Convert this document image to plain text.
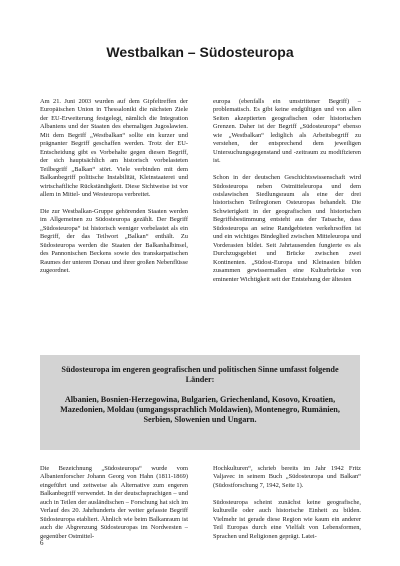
Westbalkan – Südosteuropa

Am 21. Juni 2003 wurden auf dem Gipfeltreffen der Europäischen Union in Thessaloniki die nächsten Ziele der EU-Erweiterung festgelegt, nämlich die Integration Albaniens und der Staaten des ehemaligen Jugoslawien. Mit dem Begriff „Westbalkan“ sollte ein kurzer und prägnanter Begriff geschaffen werden. Trotz der EU-Entscheidung gibt es Vorbehalte gegen diesen Begriff, der sich hauptsächlich am historisch vorbelasteten Teilbegriff „Balkan“ stört. Viele verbinden mit dem Balkanbegriff politische Instabilität, Kleinstaaterei und wirtschaftliche Rückständigkeit. Diese Sichtweise ist vor allem in Mittel- und Westeuropa verbreitet.

Die zur Westbalkan-Gruppe gehörenden Staaten werden im Allgemeinen zu Südosteuropa gezählt. Der Begriff „Südosteuropa“ ist historisch weniger vorbelastet als ein Begriff, der das Teilwort „Balkan“ enthält. Zu Südosteuropa werden die Staaten der Balkanhalbinsel, des Pannonischen Beckens sowie des transkarpatischen Raumes der unteren Donau und ihrer großen Nebenflüsse zugeordnet.

europa (ebenfalls ein umstrittener Begriff) – problematisch. Es gibt keine endgültigen und von allen Seiten akzeptierten geografischen oder historischen Grenzen. Daher ist der Begriff „Südosteuropa“ ebenso wie „Westbalkan“ lediglich als Arbeitsbegriff zu verstehen, der entsprechend dem jeweiligen Untersuchungsgegenstand und -zeitraum zu modifizieren ist.

Schon in der deutschen Geschichtswissenschaft wird Südosteuropa neben Ostmitteleuropa und dem ostslawischen Siedlungsraum als eine der drei historischen Teilregionen Osteuropas behandelt. Die Schwierigkeit in der geografischen und historischen Begriffsbestimmung entsteht aus der Tatsache, dass Südosteuropa an seine Randgebieten verkehrsoffen ist und ein wichtiges Bindeglied zwischen Mitteleuropa und Vorderasien bildet. Seit Jahrtausenden fungierte es als Durchzugsgebiet und Brücke zwischen zwei Kontinenten. „Südost-Europa und Kleinasien bilden zusammen gewissermaßen eine Kulturbrücke von eminenter Wichtigkeit seit der Entstehung der ältesten

Südosteuropa im engeren geografischen und politischen Sinne umfasst folgende Länder:

Albanien, Bosnien-Herzegowina, Bulgarien, Griechenland, Kosovo, Kroatien, Mazedonien, Moldau (umgangssprachlich Moldawien), Montenegro, Rumänien, Serbien, Slowenien und Ungarn.

Die Bezeichnung „Südosteuropa“ wurde vom Albanienforscher Johann Georg von Hahn (1811-1869) eingeführt und zeitweise als Alternative zum engeren Balkanbegriff verwendet. In der deutschsprachigen – und auch in Teilen der ausländischen – Forschung hat sich im Verlauf des 20. Jahrhunderts der weiter gefasste Begriff Südosteuropa etabliert. Ähnlich wie beim Balkanraum ist auch die Abgrenzung Südosteuropas im Nordwesten – gegenüber Ostmittel-

Hochkulturen“, schrieb bereits im Jahr 1942 Fritz Valjavec in seinem Buch „Südosteuropa und Balkan“ (Südostforschung 7, 1942, Seite 1).

Südosteuropa scheint zunächst keine geografische, kulturelle oder auch historische Einheit zu bilden. Vielmehr ist gerade diese Region wie kaum ein anderer Teil Europas durch eine Vielfalt von Lebensformen, Sprachen und Religionen geprägt. Latei-

6
